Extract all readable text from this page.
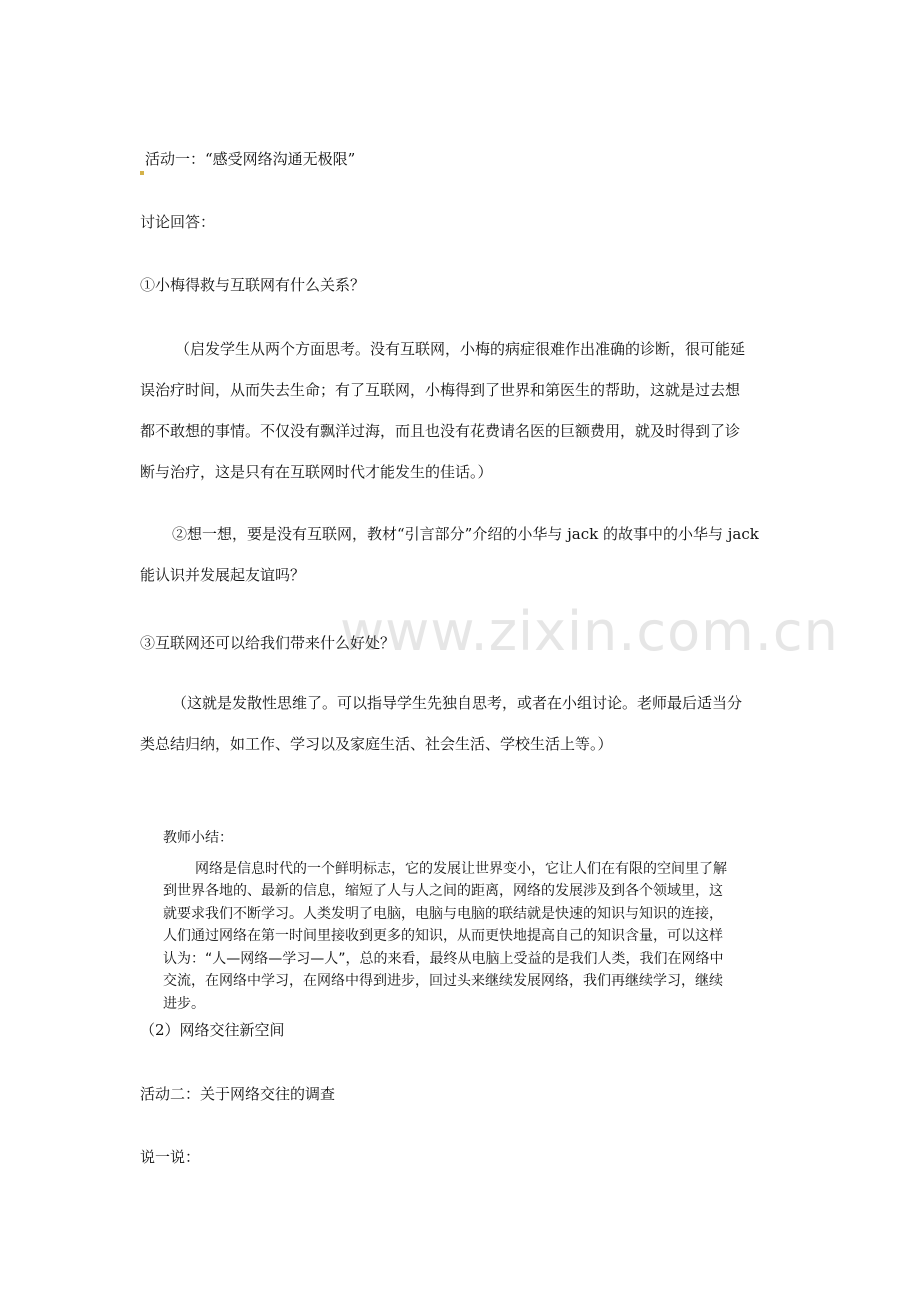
www.zixin.com.cn

活动一：“感受网络沟通无极限”

讨论回答：

①小梅得救与互联网有什么关系？

（启发学生从两个方面思考。没有互联网，小梅的病症很难作出准确的诊断，很可能延
误治疗时间，从而失去生命；有了互联网，小梅得到了世界和第医生的帮助，这就是过去想
都不敢想的事情。不仅没有飘洋过海，而且也没有花费请名医的巨额费用，就及时得到了诊
断与治疗，这是只有在互联网时代才能发生的佳话。）
②想一想，要是没有互联网，教材“引言部分”介绍的小华与 jack 的故事中的小华与 jack
能认识并发展起友谊吗？

③互联网还可以给我们带来什么好处？

（这就是发散性思维了。可以指导学生先独自思考，或者在小组讨论。老师最后适当分
类总结归纳，如工作、学习以及家庭生活、社会生活、学校生活上等。）
教师小结：
网络是信息时代的一个鲜明标志，它的发展让世界变小，它让人们在有限的空间里了解
到世界各地的、最新的信息，缩短了人与人之间的距离，网络的发展涉及到各个领域里，这
就要求我们不断学习。人类发明了电脑，电脑与电脑的联结就是快速的知识与知识的连接，
人们通过网络在第一时间里接收到更多的知识，从而更快地提高自己的知识含量，可以这样
认为：“人—网络—学习—人”，总的来看，最终从电脑上受益的是我们人类，我们在网络中
交流，在网络中学习，在网络中得到进步，回过头来继续发展网络，我们再继续学习，继续
进步。

（2）网络交往新空间

活动二：关于网络交往的调查

说一说：
